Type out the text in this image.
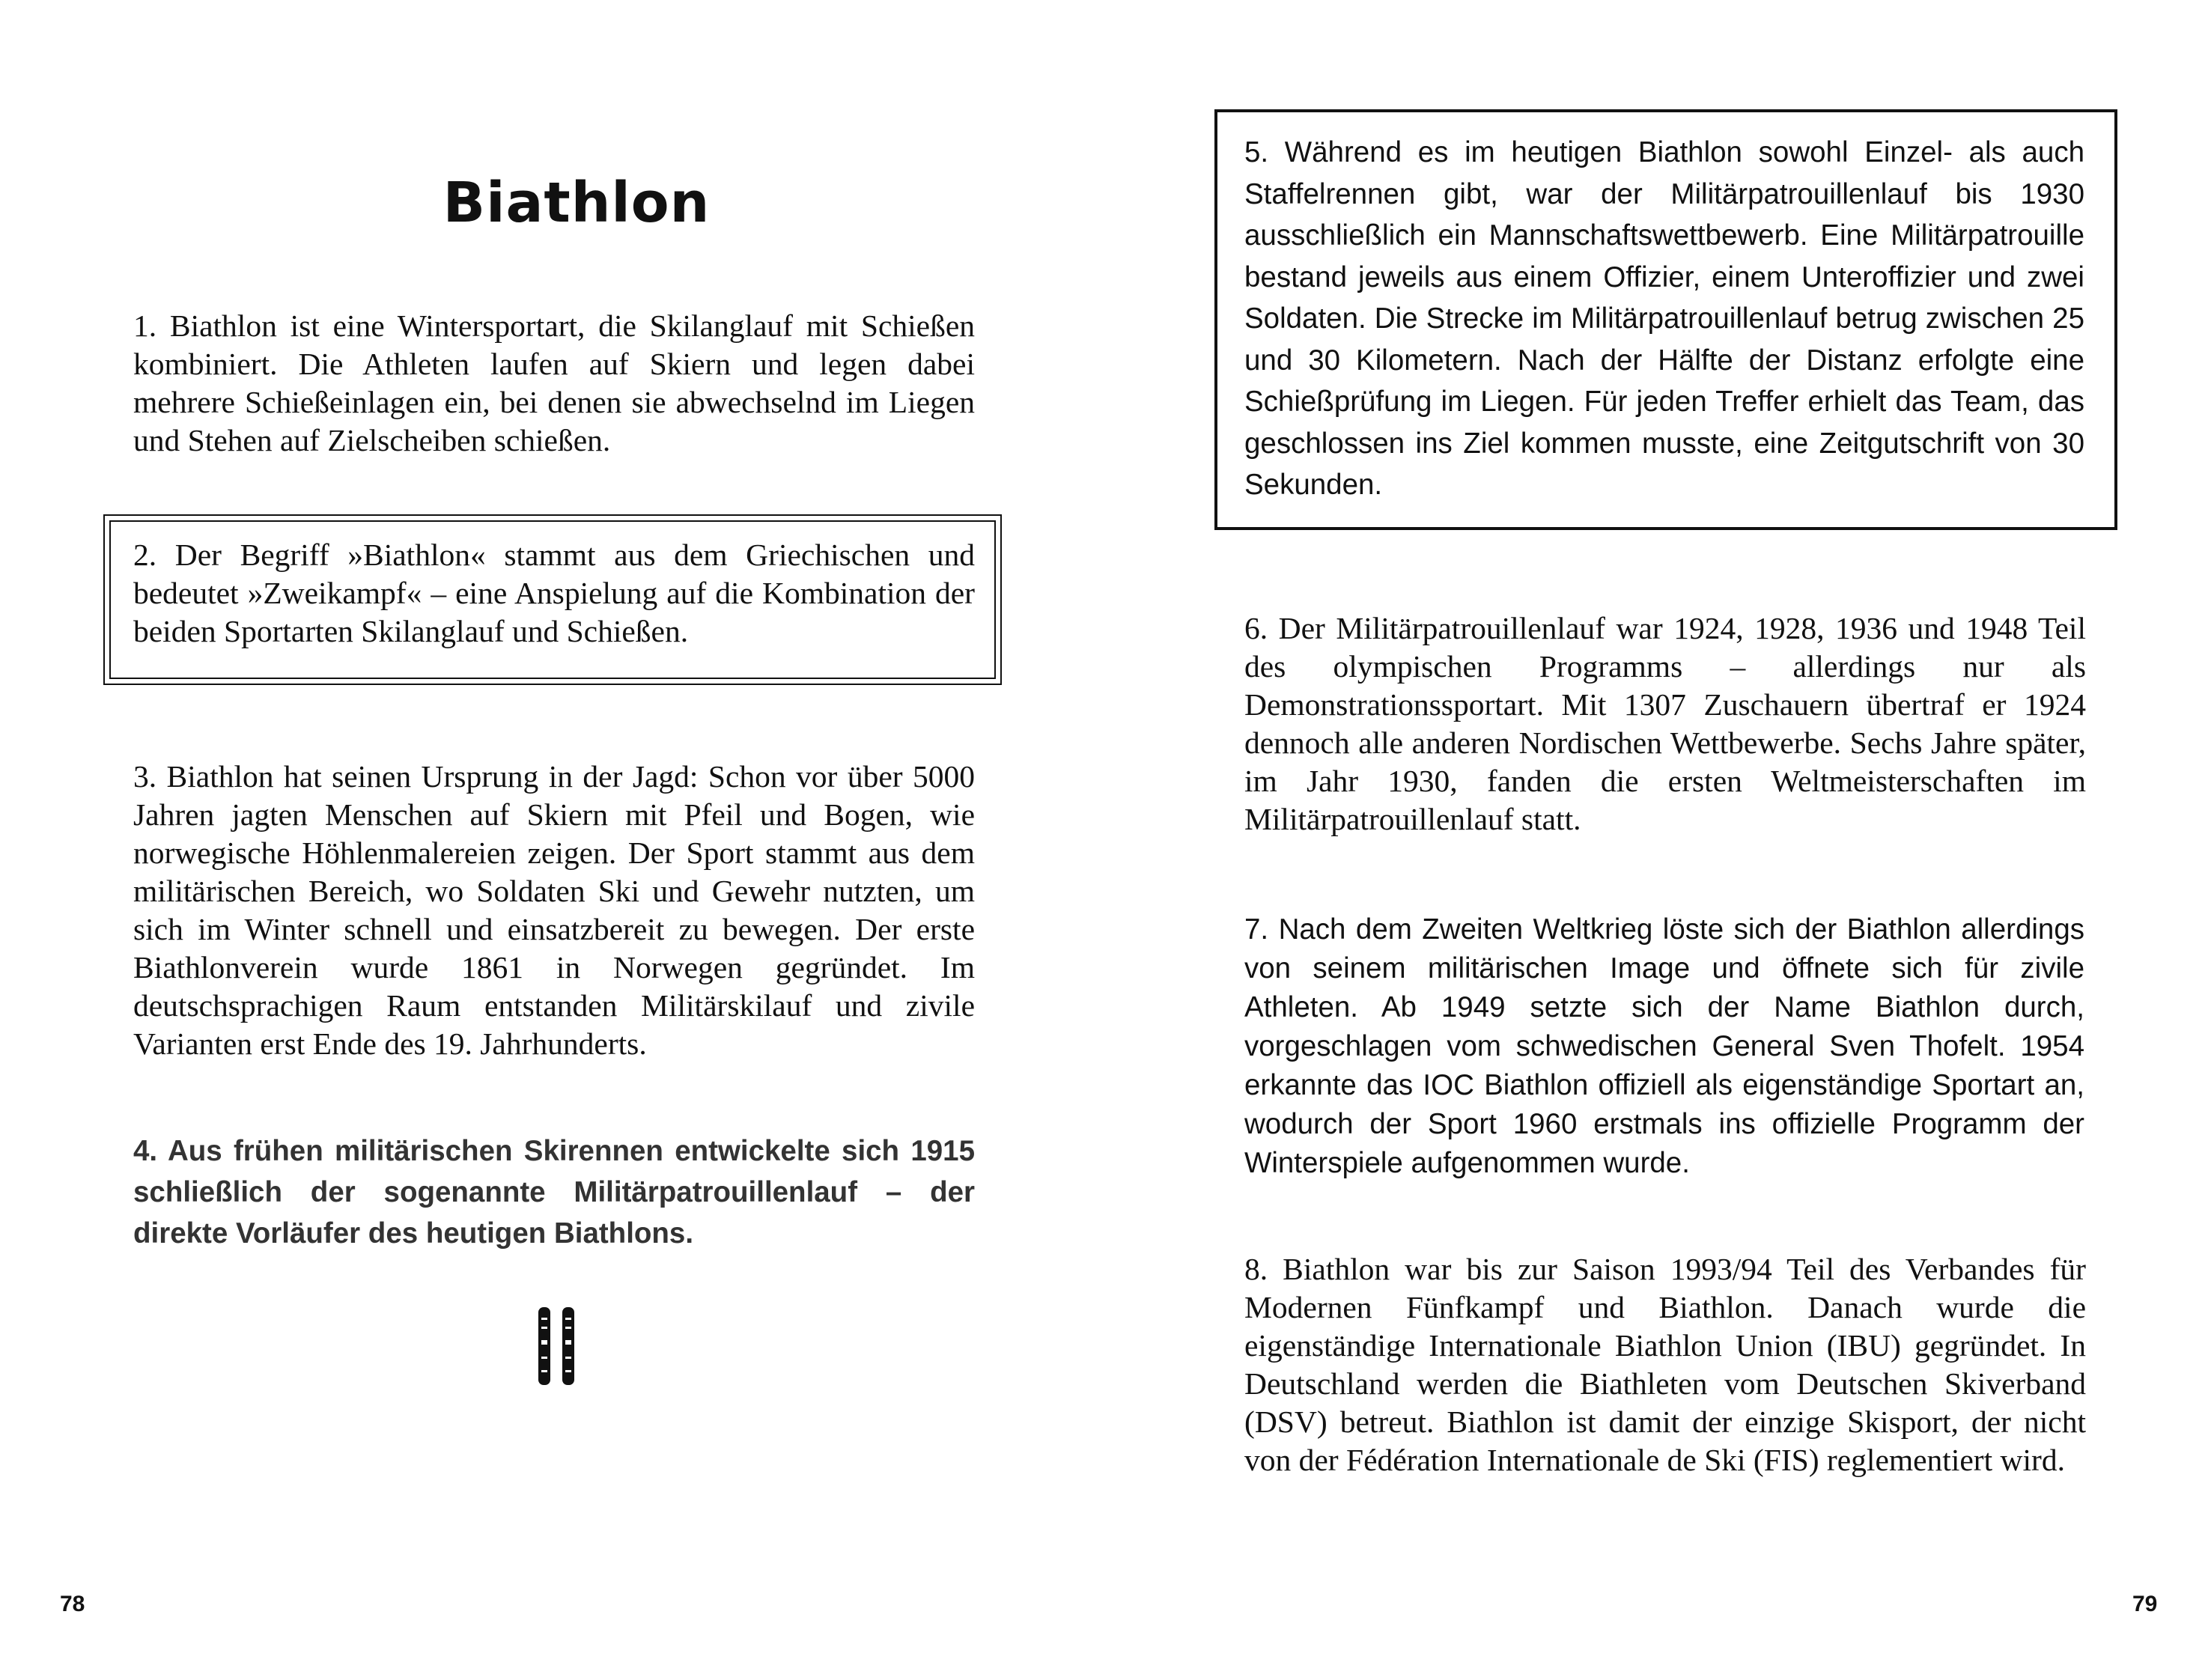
Biathlon

1. Biathlon ist eine Wintersportart, die Skilanglauf mit Schießen kombiniert. Die Athleten laufen auf Skiern und legen dabei mehrere Schießeinlagen ein, bei denen sie abwechselnd im Liegen und Stehen auf Zielscheiben schießen.

2. Der Begriff »Biathlon« stammt aus dem Griechischen und bedeutet »Zweikampf« – eine Anspielung auf die Kombination der beiden Sportarten Skilanglauf und Schießen.

3. Biathlon hat seinen Ursprung in der Jagd: Schon vor über 5000 Jahren jagten Menschen auf Skiern mit Pfeil und Bogen, wie norwegische Höhlenmalereien zeigen. Der Sport stammt aus dem militärischen Bereich, wo Soldaten Ski und Gewehr nutzten, um sich im Winter schnell und einsatzbereit zu bewegen. Der erste Biathlonverein wurde 1861 in Norwegen gegründet. Im deutschsprachigen Raum entstanden Militärskilauf und zivile Varianten erst Ende des 19. Jahrhunderts.

4. Aus frühen militärischen Skirennen entwickelte sich 1915 schließlich der sogenannte Militärpatrouillenlauf – der direkte Vorläufer des heutigen Biathlons.

78

5. Während es im heutigen Biathlon sowohl Einzel- als auch Staffelrennen gibt, war der Militärpatrouillenlauf bis 1930 ausschließlich ein Mannschaftswettbewerb. Eine Militärpatrouille bestand jeweils aus einem Offizier, einem Unteroffizier und zwei Soldaten. Die Strecke im Militärpatrouillenlauf betrug zwischen 25 und 30 Kilometern. Nach der Hälfte der Distanz erfolgte eine Schießprüfung im Liegen. Für jeden Treffer erhielt das Team, das geschlossen ins Ziel kommen musste, eine Zeitgutschrift von 30 Sekunden.

6. Der Militärpatrouillenlauf war 1924, 1928, 1936 und 1948 Teil des olympischen Programms – allerdings nur als Demonstrationssportart. Mit 1307 Zuschauern übertraf er 1924 dennoch alle anderen Nordischen Wettbewerbe. Sechs Jahre später, im Jahr 1930, fanden die ersten Weltmeisterschaften im Militärpatrouillenlauf statt.

7. Nach dem Zweiten Weltkrieg löste sich der Biathlon allerdings von seinem militärischen Image und öffnete sich für zivile Athleten. Ab 1949 setzte sich der Name Biathlon durch, vorgeschlagen vom schwedischen General Sven Thofelt. 1954 erkannte das IOC Biathlon offiziell als eigenständige Sportart an, wodurch der Sport 1960 erstmals ins offizielle Programm der Winterspiele aufgenommen wurde.

8. Biathlon war bis zur Saison 1993/94 Teil des Verbandes für Modernen Fünfkampf und Biathlon. Danach wurde die eigenständige Internationale Biathlon Union (IBU) gegründet. In Deutschland werden die Biathleten vom Deutschen Skiverband (DSV) betreut. Biathlon ist damit der einzige Skisport, der nicht von der Fédération Internationale de Ski (FIS) reglementiert wird.

79
